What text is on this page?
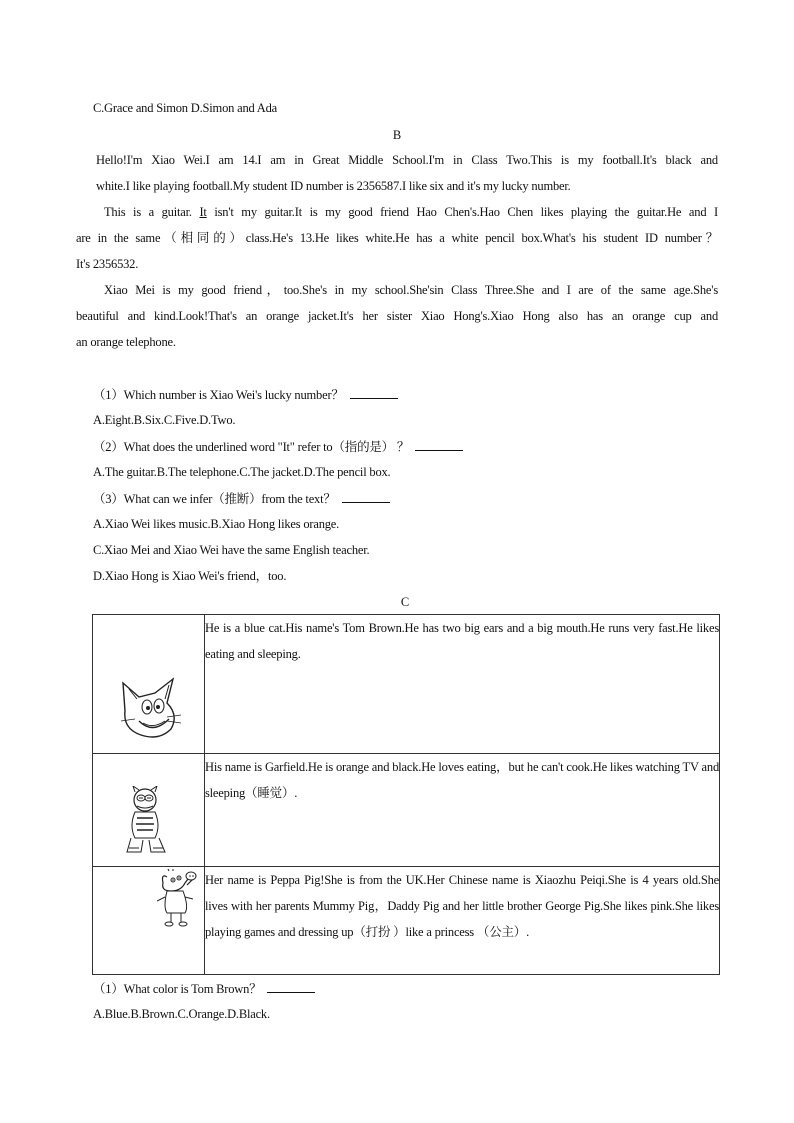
C.Grace and Simon D.Simon and Ada
B
Hello!I'm Xiao Wei.I am 14.I am in Great Middle School.I'm in Class Two.This is my football.It's black and
white.I like playing football.My student ID number is 2356587.I like six and it's my lucky number.
This is a guitar. It isn't my guitar.It is my good friend Hao Chen's.Hao Chen likes playing the guitar.He and I
are in the same（相同的）class.He's 13.He likes white.He has a white pencil box.What's his student ID number？
It's 2356532.
Xiao Mei is my good friend，too.She's in my school.She'sin Class Three.She and I are of the same age.She's
beautiful and kind.Look!That's an orange jacket.It's her sister Xiao Hong's.Xiao Hong also has an orange cup and
an orange telephone.
（1）Which number is Xiao Wei's lucky number？
A.Eight.B.Six.C.Five.D.Two.
（2）What does the underlined word "It" refer to（指的是） ？
A.The guitar.B.The telephone.C.The jacket.D.The pencil box.
（3）What can we infer（推断）from the text？
A.Xiao Wei likes music.B.Xiao Hong likes orange.
C.Xiao Mei and Xiao Wei have the same English teacher.
D.Xiao Hong is Xiao Wei's friend，too.
C
	He is a blue cat.His name's Tom Brown.He has two big ears and a big mouth.He runs very fast.He likes eating and sleeping.

	His name is Garfield.He is orange and black.He loves eating，but he can't cook.He likes watching TV and sleeping（睡觉）.

	Her name is Peppa Pig!She is from the UK.Her Chinese name is Xiaozhu Peiqi.She is 4 years old.She lives with her parents Mummy Pig，Daddy Pig and her little brother George Pig.She likes pink.She likes playing games and dressing up（打扮 ）like a princess （公主）.
（1）What color is Tom Brown？
A.Blue.B.Brown.C.Orange.D.Black.
